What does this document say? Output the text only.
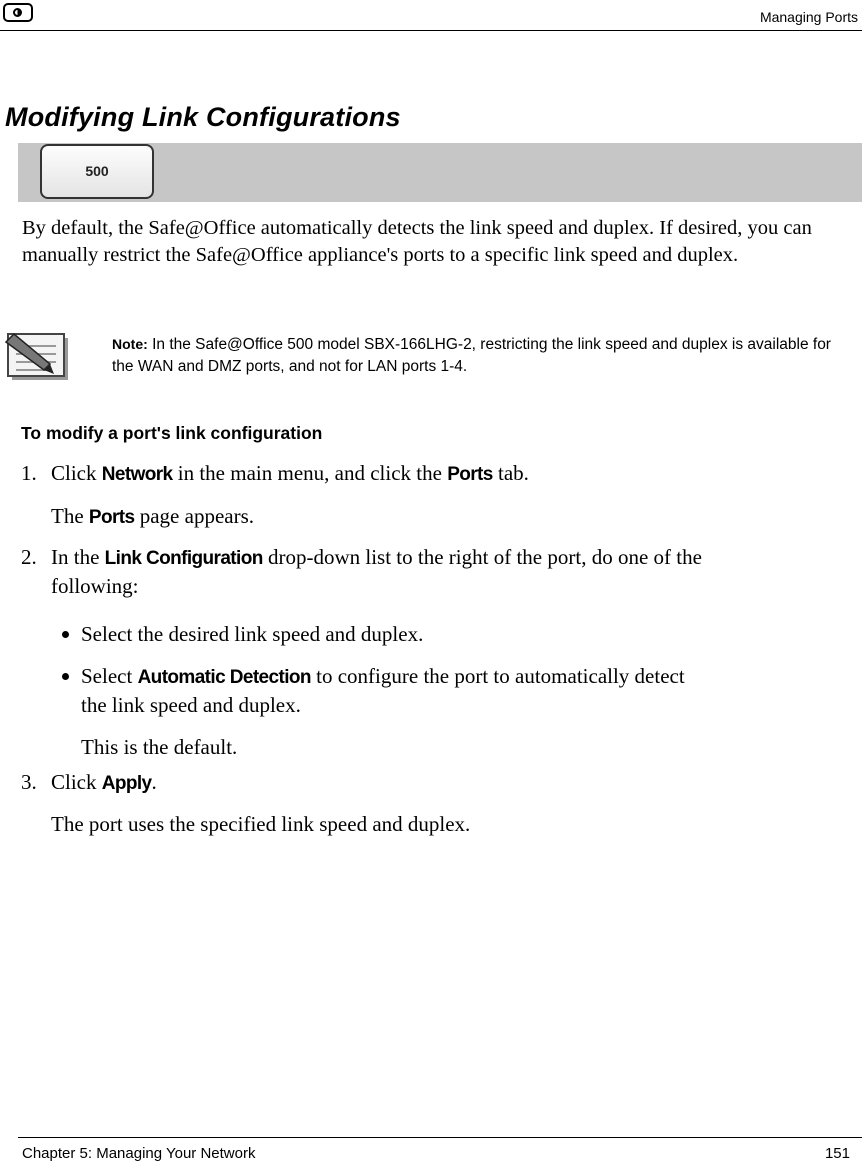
Managing Ports
Modifying Link Configurations
500

By default, the Safe@Office automatically detects the link speed and duplex. If desired, you can manually restrict the Safe@Office appliance's ports to a specific link speed and duplex.

Note: In the Safe@Office 500 model SBX-166LHG-2, restricting the link speed and duplex is available for the WAN and DMZ ports, and not for LAN ports 1-4.
To modify a port's link configuration
1. Click Network in the main menu, and click the Ports tab.
The Ports page appears.
2. In the Link Configuration drop-down list to the right of the port, do one of the
following:
Select the desired link speed and duplex.
Select Automatic Detection to configure the port to automatically detect
the link speed and duplex.
This is the default.
3. Click Apply.
The port uses the specified link speed and duplex.
Chapter 5: Managing Your Network	151
